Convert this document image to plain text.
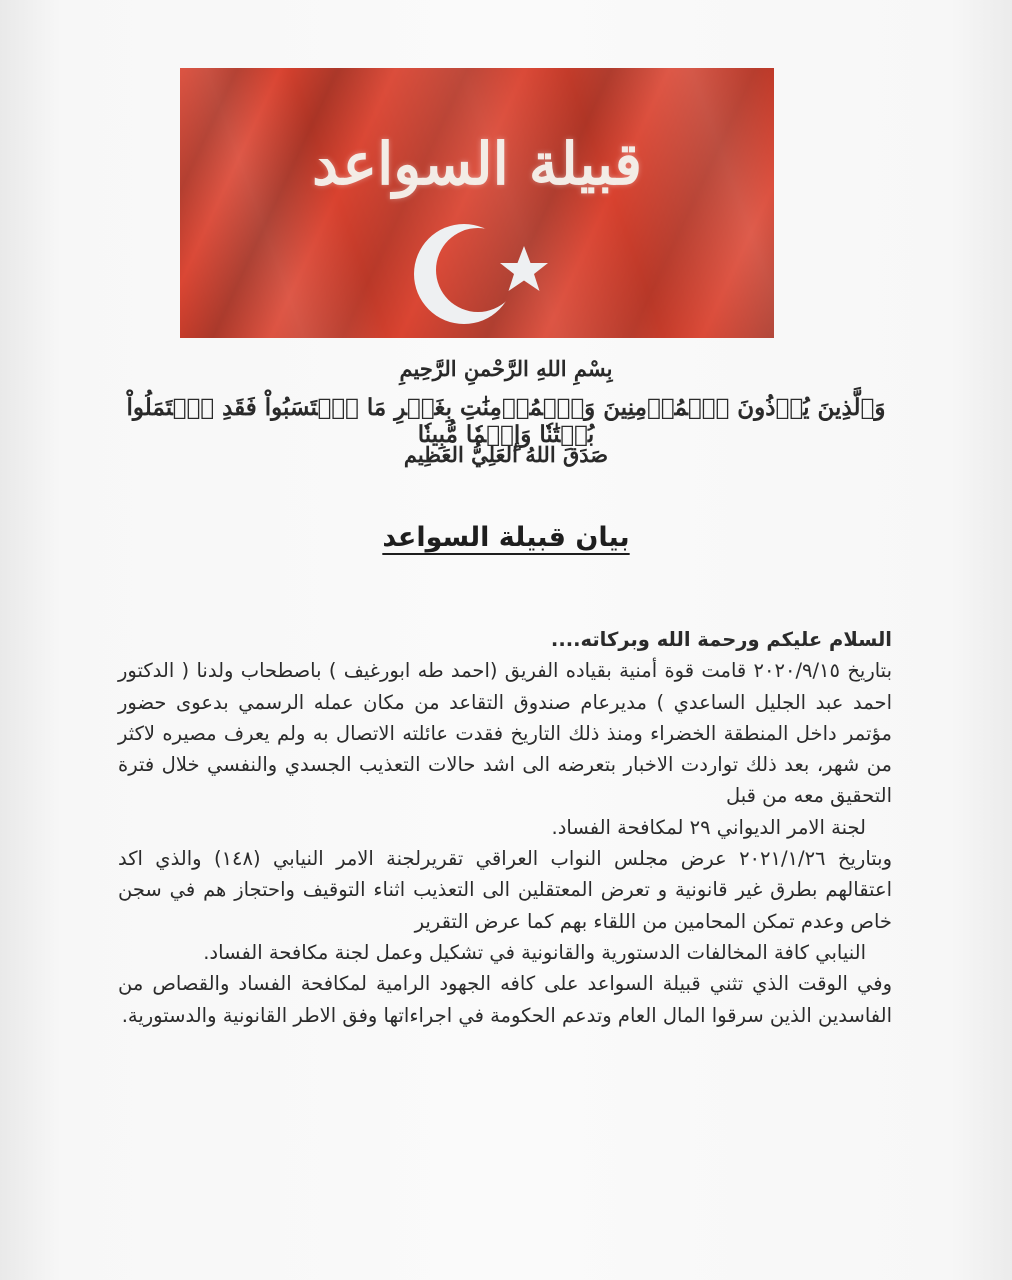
قبيلة السواعد
بِسْمِ اللهِ الرَّحْمنِ الرَّحِيمِ
وَٱلَّذِينَ يُؤۡذُونَ ٱلۡمُؤۡمِنِينَ وَٱلۡمُؤۡمِنَٰتِ بِغَيۡرِ مَا ٱكۡتَسَبُواْ فَقَدِ ٱحۡتَمَلُواْ بُهۡتَٰنٗا وَإِثۡمٗا مُّبِينٗا
صَدَقَ اللهُ العَلِيُّ العَظِيم
بيان قبيلة السواعد

السلام عليكم ورحمة الله وبركاته....

بتاريخ ٢٠٢٠/٩/١٥ قامت قوة أمنية بقياده الفريق (احمد طه ابورغيف ) باصطحاب ولدنا ( الدكتور احمد عبد الجليل الساعدي ) مديرعام صندوق التقاعد من مكان عمله الرسمي بدعوى حضور مؤتمر داخل المنطقة الخضراء ومنذ ذلك التاريخ فقدت عائلته الاتصال به ولم يعرف مصيره لاكثر من شهر، بعد ذلك تواردت الاخبار بتعرضه الى اشد حالات التعذيب الجسدي والنفسي خلال فترة التحقيق معه من قبل

لجنة الامر الديواني ٢٩ لمكافحة الفساد.

وبتاريخ ٢٠٢١/١/٢٦ عرض مجلس النواب العراقي تقريرلجنة الامر النيابي (١٤٨) والذي اكد اعتقالهم بطرق غير قانونية و تعرض المعتقلين الى التعذيب اثناء التوقيف واحتجاز هم في سجن خاص وعدم تمكن المحامين من اللقاء بهم كما عرض التقرير

النيابي كافة المخالفات الدستورية والقانونية في تشكيل وعمل لجنة مكافحة الفساد.

وفي الوقت الذي تثني قبيلة السواعد على كافه الجهود الرامية لمكافحة الفساد والقصاص من الفاسدين الذين سرقوا المال العام وتدعم الحكومة في اجراءاتها وفق الاطر القانونية والدستورية.
